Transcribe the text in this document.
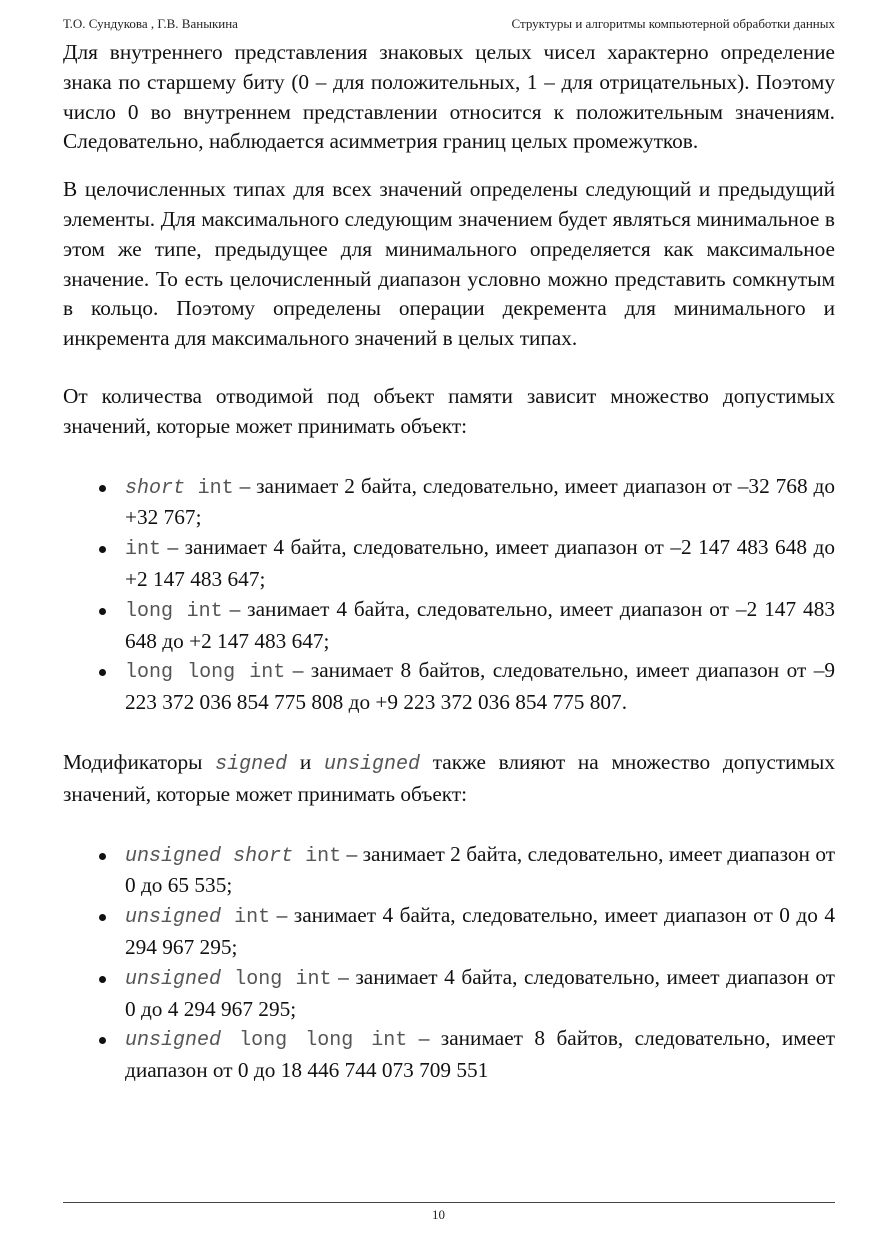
Т.О. Сундукова , Г.В. Ваныкина	Структуры и алгоритмы компьютерной обработки данных

Для внутреннего представления знаковых целых чисел характерно определение знака по старшему биту (0 – для положительных, 1 – для отрицательных). Поэтому число 0 во внутреннем представлении относится к положительным значениям. Следовательно, наблюдается асимметрия границ целых промежутков.

В целочисленных типах для всех значений определены следующий и предыдущий элементы. Для максимального следующим значением будет являться минимальное в этом же типе, предыдущее для минимального определяется как максимальное значение. То есть целочисленный диапазон условно можно представить сомкнутым в кольцо. Поэтому определены операции декремента для минимального и инкремента для максимального значений в целых типах.

От количества отводимой под объект памяти зависит множество допустимых значений, которые может принимать объект:

short int – занимает 2 байта, следовательно, имеет диапазон от –32 768 до +32 767;
int – занимает 4 байта, следовательно, имеет диапазон от –2 147 483 648 до +2 147 483 647;
long int – занимает 4 байта, следовательно, имеет диапазон от –2 147 483 648 до +2 147 483 647;
long long int – занимает 8 байтов, следовательно, имеет диапазон от –9 223 372 036 854 775 808 до +9 223 372 036 854 775 807.

Модификаторы signed и unsigned также влияют на множество допустимых значений, которые может принимать объект:

unsigned short int – занимает 2 байта, следовательно, имеет диапазон от 0 до 65 535;
unsigned int – занимает 4 байта, следовательно, имеет диапазон от 0 до 4 294 967 295;
unsigned long int – занимает 4 байта, следовательно, имеет диапазон от 0 до 4 294 967 295;
unsigned long long int – занимает 8 байтов, следовательно, имеет диапазон от 0 до 18 446 744 073 709 551
10
